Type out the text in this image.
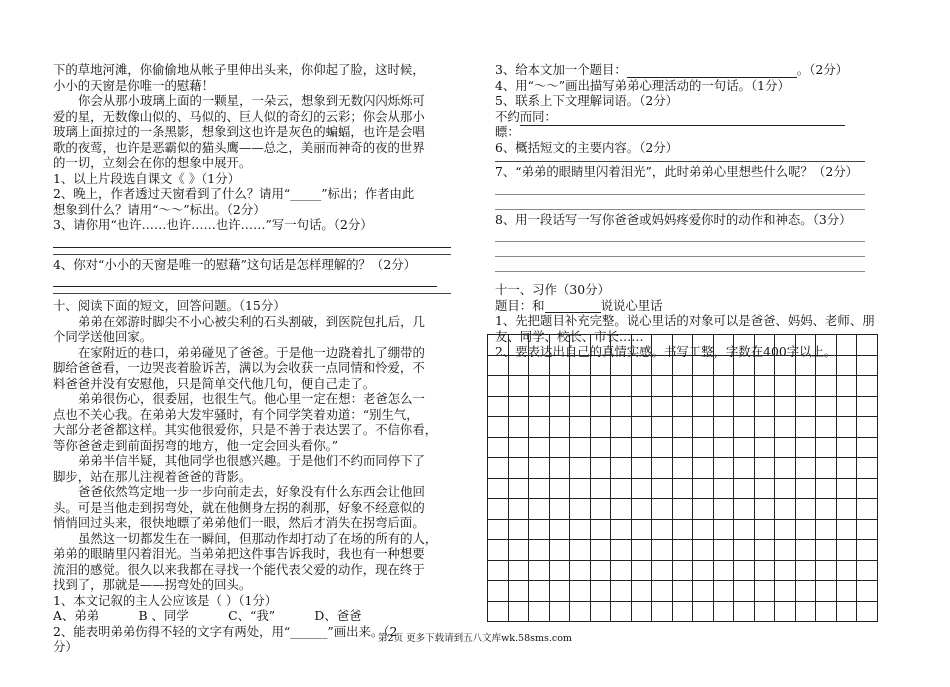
下的草地河滩，你偷偷地从帐子里伸出头来，你仰起了脸，这时候，
小小的天窗是你唯一的慰藉！
你会从那小玻璃上面的一颗星，一朵云，想象到无数闪闪烁烁可
爱的星，无数像山似的、马似的、巨人似的奇幻的云彩；你会从那小
玻璃上面掠过的一条黑影，想象到这也许是灰色的蝙蝠，也许是会唱
歌的夜莺，也许是恶霸似的猫头鹰——总之，美丽而神奇的夜的世界
的一切，立刻会在你的想象中展开。
1、以上片段选自课文《 》（1分）
2、晚上，作者透过天窗看到了什么？请用“_____”标出；作者由此
想象到什么？请用“～～”标出。（2分）
3、请你用“也许……也许……也许……”写一句话。（2分）
4、你对“小小的天窗是唯一的慰藉”这句话是怎样理解的？（2分）
十、阅读下面的短文，回答问题。（15分）
弟弟在郊游时脚尖不小心被尖利的石头割破，到医院包扎后，几
个同学送他回家。
在家附近的巷口，弟弟碰见了爸爸。于是他一边跷着扎了绷带的
脚给爸爸看，一边哭丧着脸诉苦，满以为会收获一点同情和怜爱，不
料爸爸并没有安慰他，只是简单交代他几句，便自己走了。
弟弟很伤心，很委屈，也很生气。他心里一定在想：老爸怎么一
点也不关心我。在弟弟大发牢骚时，有个同学笑着劝道：“别生气，
大部分老爸都这样。其实他很爱你，只是不善于表达罢了。不信你看，
等你爸爸走到前面拐弯的地方，他一定会回头看你。”
弟弟半信半疑，其他同学也很感兴趣。于是他们不约而同停下了
脚步，站在那儿注视着爸爸的背影。
爸爸依然笃定地一步一步向前走去，好象没有什么东西会让他回
头。可是当他走到拐弯处，就在他侧身左拐的刹那，好象不经意似的
悄悄回过头来，很快地瞟了弟弟他们一眼，然后才消失在拐弯后面。
虽然这一切都发生在一瞬间，但那动作却打动了在场的所有的人，
弟弟的眼睛里闪着泪光。当弟弟把这件事告诉我时，我也有一种想要
流泪的感觉。很久以来我都在寻找一个能代表父爱的动作，现在终于
找到了，那就是——拐弯处的回头。
1、本文记叙的主人公应该是（ ）（1分）
A、弟弟          B 、同学          C、“我”          D、爸爸
2、能表明弟弟伤得不轻的文字有两处，用“______”画出来。（2
分）
3、给本文加一个题目：	。（2分）
4、用“～～”画出描写弟弟心理活动的一句话。（1分）
5、联系上下文理解词语。（2分）
不约而同：
瞟：
6、概括短文的主要内容。（2分）
7、“弟弟的眼睛里闪着泪光”，此时弟弟心里想些什么呢？（2分）
8、用一段话写一写你爸爸或妈妈疼爱你时的动作和神态。（3分）
十一、习作（30分）
题目：和	说说心里话
1、先把题目补充完整。说心里话的对象可以是爸爸、妈妈、老师、朋
友、同学、校长、市长……
2、要表达出自己的真情实感。书写工整，字数在400字以上。
第2页 更多下载请到五八文库wk.58sms.com
